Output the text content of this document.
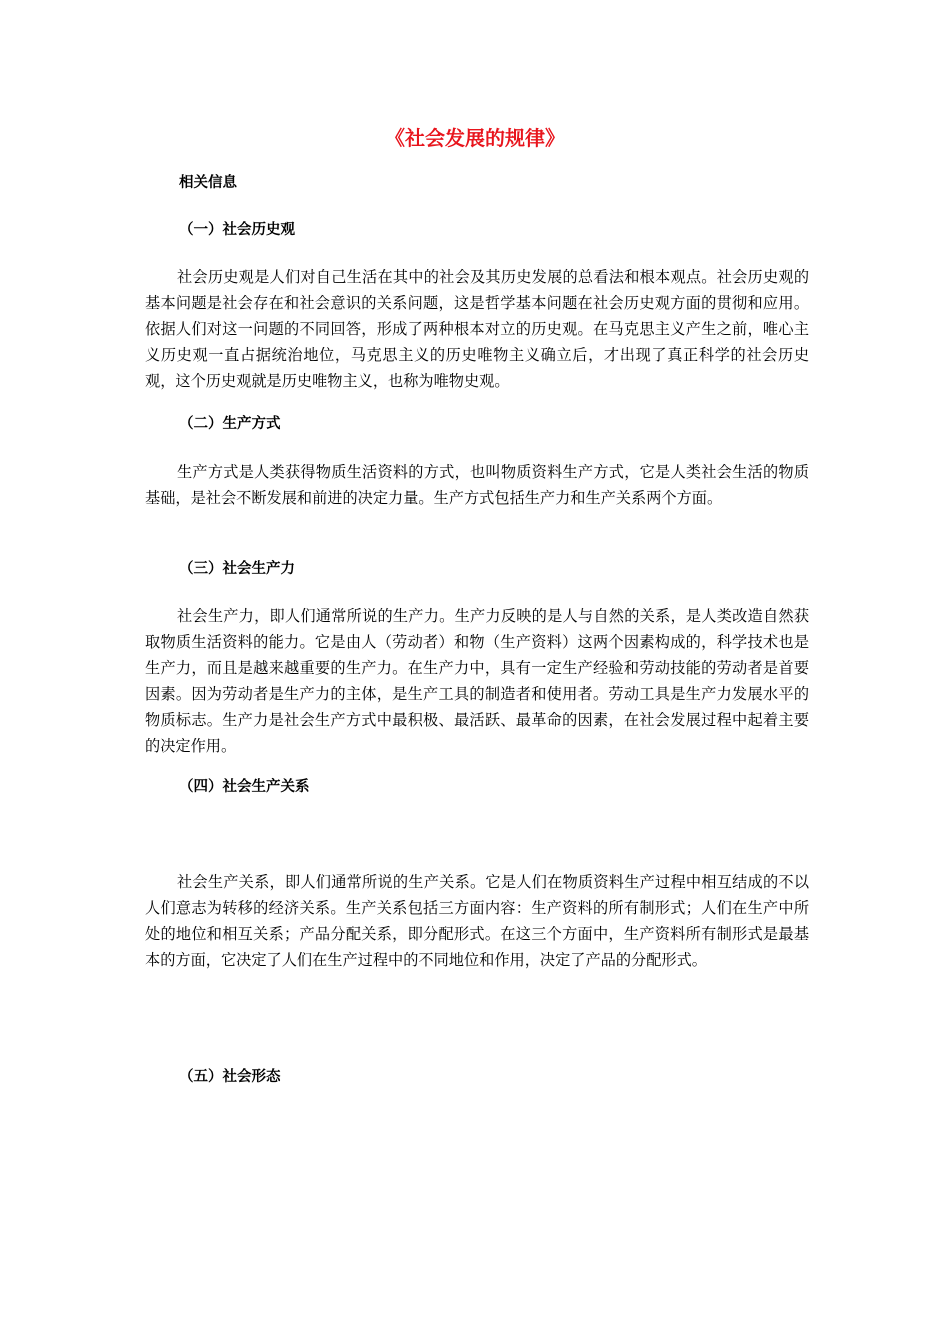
《社会发展的规律》

相关信息

（一）社会历史观

社会历史观是人们对自己生活在其中的社会及其历史发展的总看法和根本观点。社会历史观的基本问题是社会存在和社会意识的关系问题，这是哲学基本问题在社会历史观方面的贯彻和应用。依据人们对这一问题的不同回答，形成了两种根本对立的历史观。在马克思主义产生之前，唯心主义历史观一直占据统治地位，马克思主义的历史唯物主义确立后，才出现了真正科学的社会历史观，这个历史观就是历史唯物主义，也称为唯物史观。

（二）生产方式

生产方式是人类获得物质生活资料的方式，也叫物质资料生产方式，它是人类社会生活的物质基础，是社会不断发展和前进的决定力量。生产方式包括生产力和生产关系两个方面。

（三）社会生产力

社会生产力，即人们通常所说的生产力。生产力反映的是人与自然的关系，是人类改造自然获取物质生活资料的能力。它是由人（劳动者）和物（生产资料）这两个因素构成的，科学技术也是生产力，而且是越来越重要的生产力。在生产力中，具有一定生产经验和劳动技能的劳动者是首要因素。因为劳动者是生产力的主体，是生产工具的制造者和使用者。劳动工具是生产力发展水平的物质标志。生产力是社会生产方式中最积极、最活跃、最革命的因素，在社会发展过程中起着主要的决定作用。

（四）社会生产关系

社会生产关系，即人们通常所说的生产关系。它是人们在物质资料生产过程中相互结成的不以人们意志为转移的经济关系。生产关系包括三方面内容：生产资料的所有制形式；人们在生产中所处的地位和相互关系；产品分配关系，即分配形式。在这三个方面中，生产资料所有制形式是最基本的方面，它决定了人们在生产过程中的不同地位和作用，决定了产品的分配形式。

（五）社会形态
